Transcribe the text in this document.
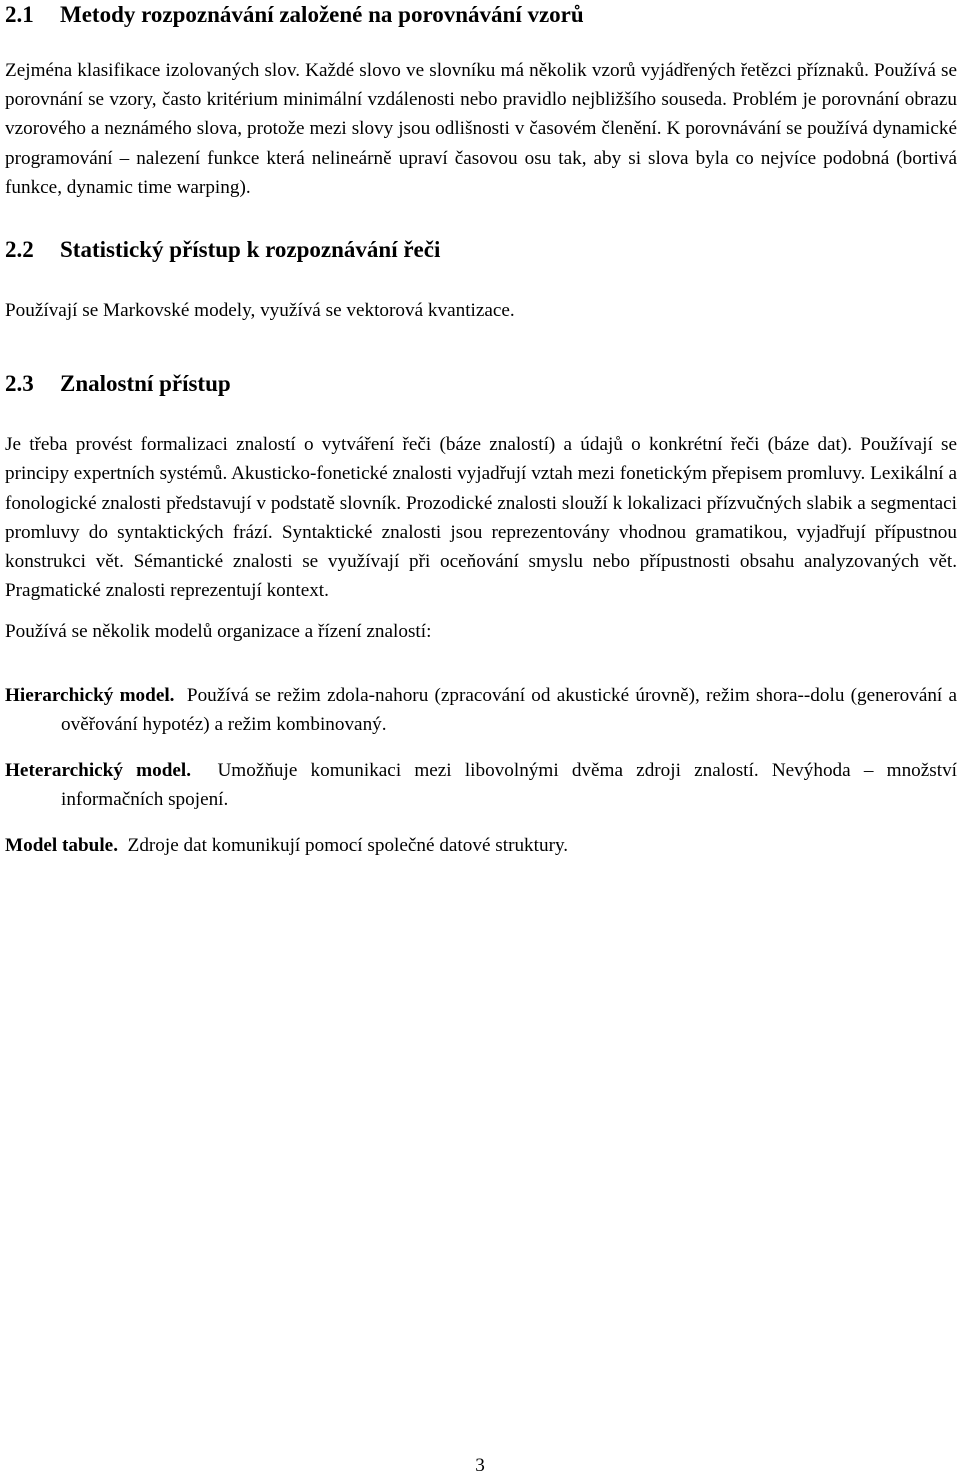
2.1 Metody rozpoznávání založené na porovnávání vzorů

Zejména klasifikace izolovaných slov. Každé slovo ve slovníku má několik vzorů vyjádřených řetězci příznaků. Používá se porovnání se vzory, často kritérium minimální vzdálenosti nebo pravidlo nejbližšího souseda. Problém je porovnání obrazu vzorového a neznámého slova, protože mezi slovy jsou odlišnosti v časovém členění. K porovnávání se používá dynamické programování – nalezení funkce která nelineárně upraví časovou osu tak, aby si slova byla co nejvíce podobná (bortivá funkce, dynamic time warping).

2.2 Statistický přístup k rozpoznávání řeči

Používají se Markovské modely, využívá se vektorová kvantizace.

2.3 Znalostní přístup

Je třeba provést formalizaci znalostí o vytváření řeči (báze znalostí) a údajů o konkrétní řeči (báze dat). Používají se principy expertních systémů. Akusticko-fonetické znalosti vyjadřují vztah mezi fonetickým přepisem promluvy. Lexikální a fonologické znalosti představují v podstatě slovník. Prozodické znalosti slouží k lokalizaci přízvučných slabik a segmentaci promluvy do syntaktických frází. Syntaktické znalosti jsou reprezentovány vhodnou gramatikou, vyjadřují přípustnou konstrukci vět. Sémantické znalosti se využívají při oceňování smyslu nebo přípustnosti obsahu analyzovaných vět. Pragmatické znalosti reprezentují kontext.

Používá se několik modelů organizace a řízení znalostí:

Hierarchický model. Používá se režim zdola-nahoru (zpracování od akustické úrovně), režim shora--dolu (generování a ověřování hypotéz) a režim kombinovaný.

Heterarchický model. Umožňuje komunikaci mezi libovolnými dvěma zdroji znalostí. Nevýhoda – množství informačních spojení.

Model tabule. Zdroje dat komunikují pomocí společné datové struktury.

3
